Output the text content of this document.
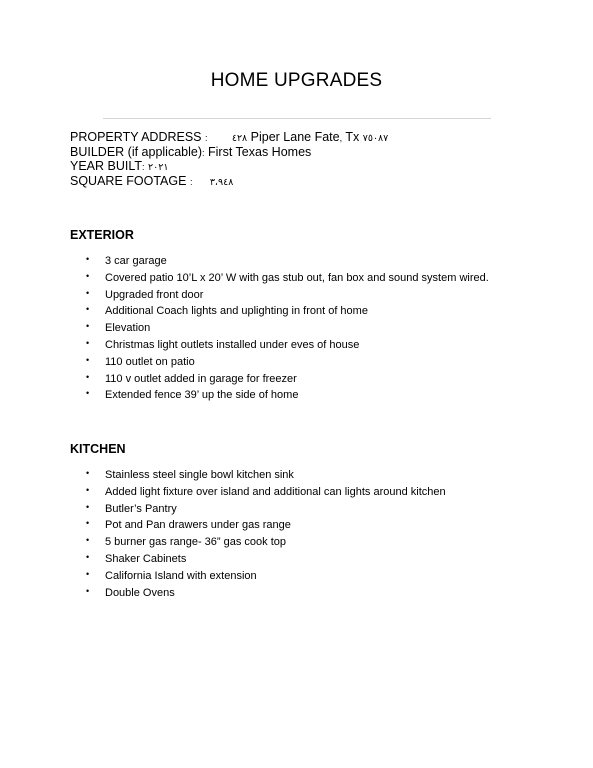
HOME UPGRADES
PROPERTY ADDRESS :	٤٢٨ Piper Lane Fate, Tx ٧٥٠٨٧
BUILDER (if applicable): First Texas Homes
YEAR BUILT: ٢٠٢١
SQUARE FOOTAGE : ٣،٩٤٨
EXTERIOR
• 3 car garage
• Covered patio 10’L x 20’ W with gas stub out, fan box and sound system wired.
• Upgraded front door
• Additional Coach lights and uplighting in front of home
• Elevation
• Christmas light outlets installed under eves of house
• 110 outlet on patio
• 110 v outlet added in garage for freezer
• Extended fence 39’ up the side of home
KITCHEN
• Stainless steel single bowl kitchen sink
• Added light fixture over island and additional can lights around kitchen
• Butler’s Pantry
• Pot and Pan drawers under gas range
• 5 burner gas range- 36” gas cook top
• Shaker Cabinets
• California Island with extension
• Double Ovens
